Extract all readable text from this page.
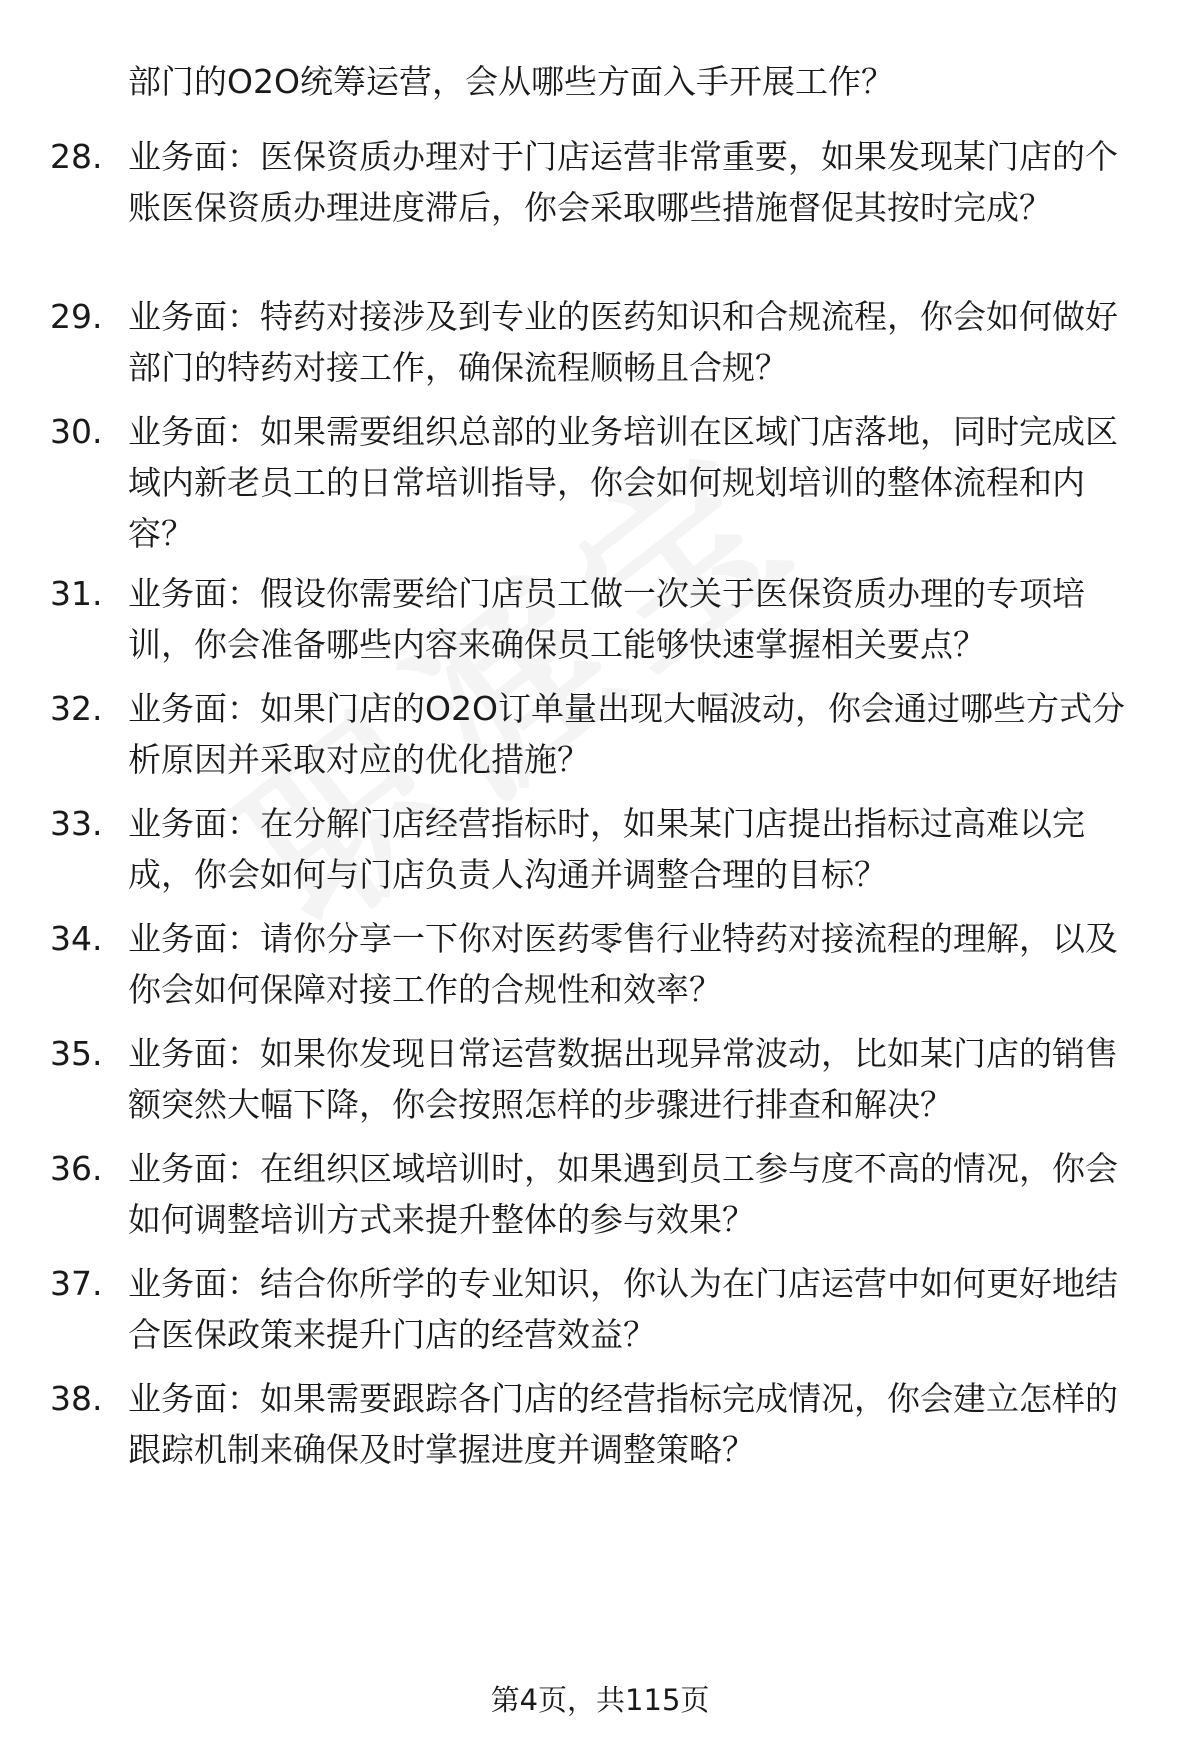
部门的O2O统筹运营，会从哪些方面入手开展工作？
28. 业务面：医保资质办理对于门店运营非常重要，如果发现某门店的个账医保资质办理进度滞后，你会采取哪些措施督促其按时完成？
29. 业务面：特药对接涉及到专业的医药知识和合规流程，你会如何做好部门的特药对接工作，确保流程顺畅且合规？
30. 业务面：如果需要组织总部的业务培训在区域门店落地，同时完成区域内新老员工的日常培训指导，你会如何规划培训的整体流程和内容？
31. 业务面：假设你需要给门店员工做一次关于医保资质办理的专项培训，你会准备哪些内容来确保员工能够快速掌握相关要点？
32. 业务面：如果门店的O2O订单量出现大幅波动，你会通过哪些方式分析原因并采取对应的优化措施？
33. 业务面：在分解门店经营指标时，如果某门店提出指标过高难以完成，你会如何与门店负责人沟通并调整合理的目标？
34. 业务面：请你分享一下你对医药零售行业特药对接流程的理解，以及你会如何保障对接工作的合规性和效率？
35. 业务面：如果你发现日常运营数据出现异常波动，比如某门店的销售额突然大幅下降，你会按照怎样的步骤进行排查和解决？
36. 业务面：在组织区域培训时，如果遇到员工参与度不高的情况，你会如何调整培训方式来提升整体的参与效果？
37. 业务面：结合你所学的专业知识，你认为在门店运营中如何更好地结合医保政策来提升门店的经营效益？
38. 业务面：如果需要跟踪各门店的经营指标完成情况，你会建立怎样的跟踪机制来确保及时掌握进度并调整策略？
第4页，共115页
